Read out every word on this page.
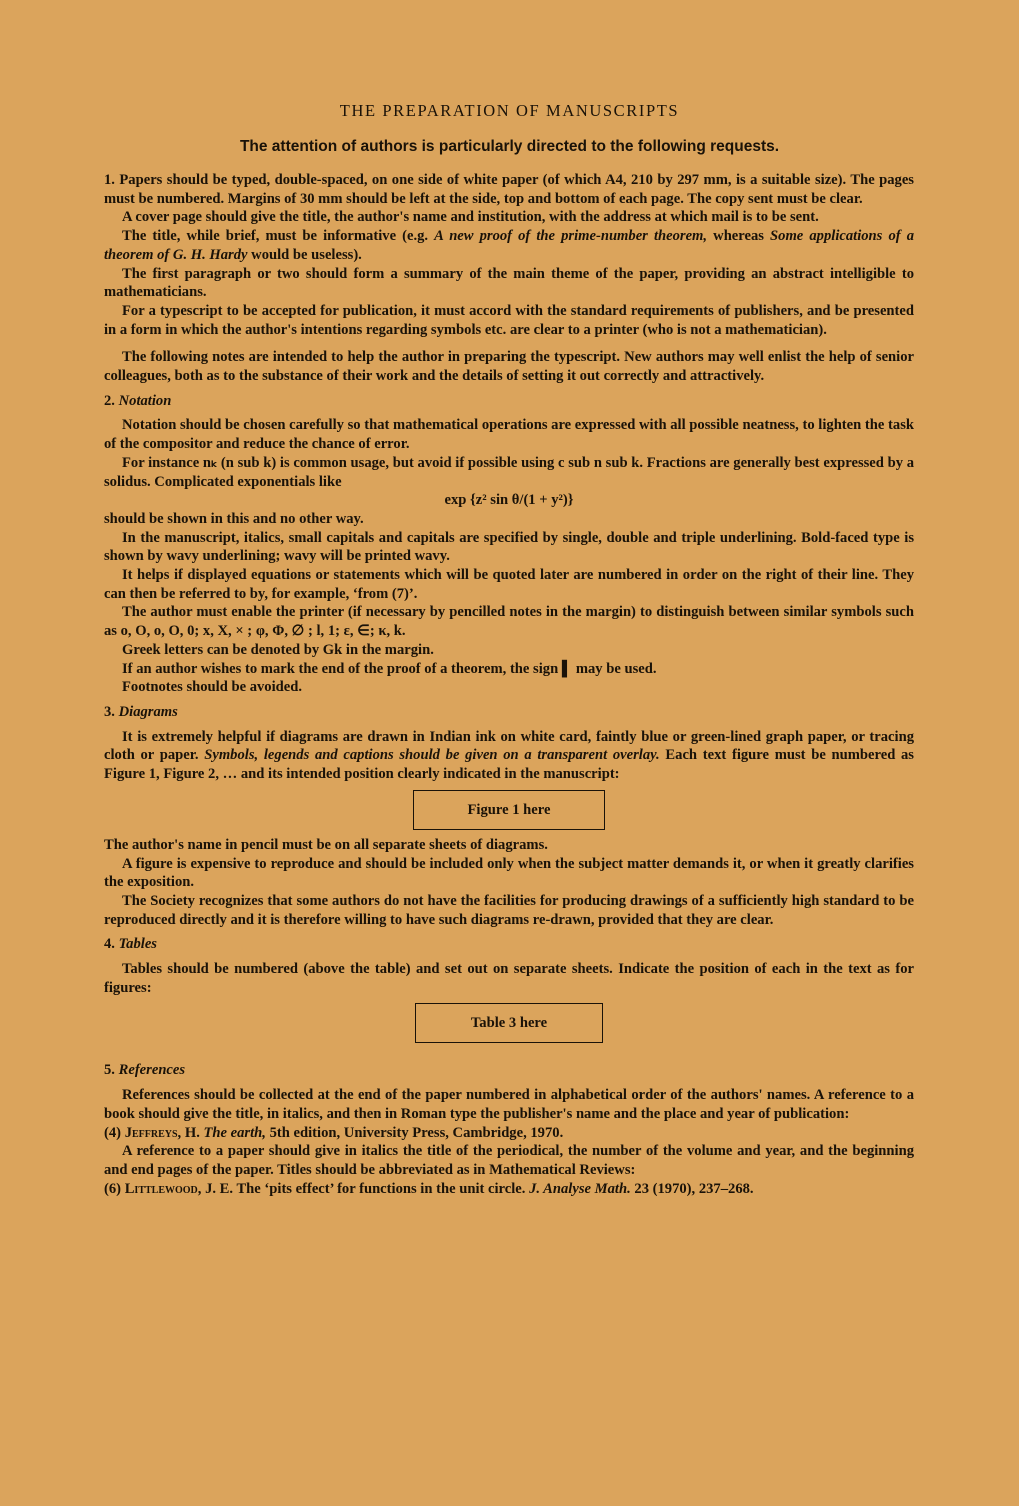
THE PREPARATION OF MANUSCRIPTS
The attention of authors is particularly directed to the following requests.

1. Papers should be typed, double-spaced, on one side of white paper (of which A4, 210 by 297 mm, is a suitable size). The pages must be numbered. Margins of 30 mm should be left at the side, top and bottom of each page. The copy sent must be clear.

A cover page should give the title, the author's name and institution, with the address at which mail is to be sent.

The title, while brief, must be informative (e.g. A new proof of the prime-number theorem, whereas Some applications of a theorem of G. H. Hardy would be useless).

The first paragraph or two should form a summary of the main theme of the paper, providing an abstract intelligible to mathematicians.

For a typescript to be accepted for publication, it must accord with the standard requirements of publishers, and be presented in a form in which the author's intentions regarding symbols etc. are clear to a printer (who is not a mathematician).

The following notes are intended to help the author in preparing the typescript. New authors may well enlist the help of senior colleagues, both as to the substance of their work and the details of setting it out correctly and attractively.

2. Notation

Notation should be chosen carefully so that mathematical operations are expressed with all possible neatness, to lighten the task of the compositor and reduce the chance of error.

For instance nₖ (n sub k) is common usage, but avoid if possible using c sub n sub k. Fractions are generally best expressed by a solidus. Complicated exponentials like

exp {z² sin θ/(1 + y²)}

should be shown in this and no other way.

In the manuscript, italics, small capitals and capitals are specified by single, double and triple underlining. Bold-faced type is shown by wavy underlining; wavy will be printed wavy.

It helps if displayed equations or statements which will be quoted later are numbered in order on the right of their line. They can then be referred to by, for example, ‘from (7)’.

The author must enable the printer (if necessary by pencilled notes in the margin) to distinguish between similar symbols such as o, O, o, O, 0; x, X, × ; φ, Φ, ∅ ; l, 1; ε, ∈; κ, k.

Greek letters can be denoted by Gk in the margin.

If an author wishes to mark the end of the proof of a theorem, the sign ▌ may be used.

Footnotes should be avoided.

3. Diagrams

It is extremely helpful if diagrams are drawn in Indian ink on white card, faintly blue or green-lined graph paper, or tracing cloth or paper. Symbols, legends and captions should be given on a transparent overlay. Each text figure must be numbered as Figure 1, Figure 2, … and its intended position clearly indicated in the manuscript:

Figure 1 here

The author's name in pencil must be on all separate sheets of diagrams.

A figure is expensive to reproduce and should be included only when the subject matter demands it, or when it greatly clarifies the exposition.

The Society recognizes that some authors do not have the facilities for producing drawings of a sufficiently high standard to be reproduced directly and it is therefore willing to have such diagrams re-drawn, provided that they are clear.

4. Tables

Tables should be numbered (above the table) and set out on separate sheets. Indicate the position of each in the text as for figures:

Table 3 here
5. References

References should be collected at the end of the paper numbered in alphabetical order of the authors' names. A reference to a book should give the title, in italics, and then in Roman type the publisher's name and the place and year of publication:

(4) Jeffreys, H. The earth, 5th edition, University Press, Cambridge, 1970.

A reference to a paper should give in italics the title of the periodical, the number of the volume and year, and the beginning and end pages of the paper. Titles should be abbreviated as in Mathematical Reviews:

(6) Littlewood, J. E. The ‘pits effect’ for functions in the unit circle. J. Analyse Math. 23 (1970), 237–268.
